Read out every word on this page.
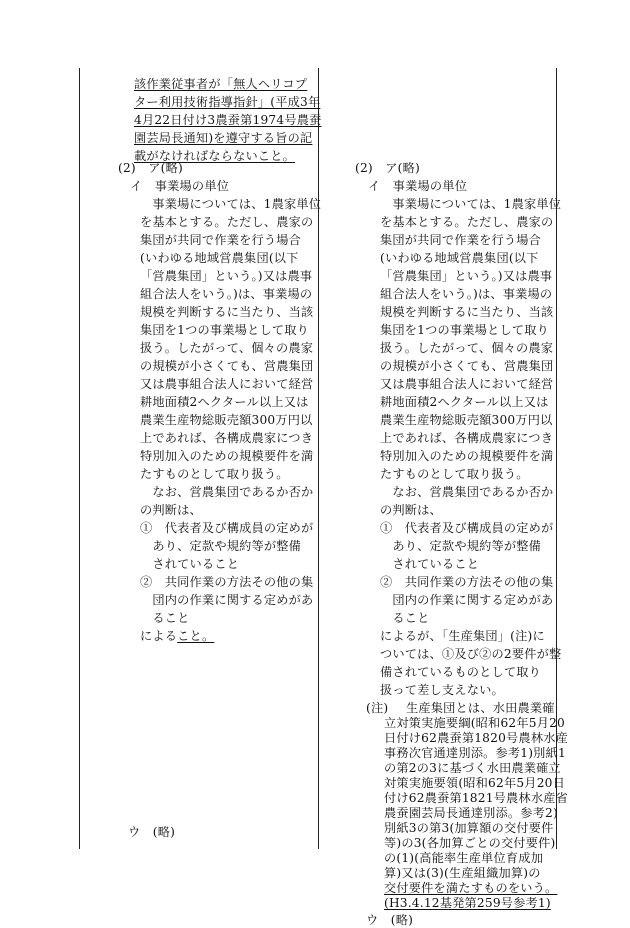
該作業従事者が「無人ヘリコプ
ター利用技術指導指針」(平成3年
4月22日付け3農蚕第1974号農蚕
園芸局長通知)を遵守する旨の記
載がなければならないこと。
(2)　ア(略)
イ　事業場の単位
　事業場については、1農家単位
を基本とする。ただし、農家の
集団が共同で作業を行う場合
(いわゆる地域営農集団(以下
「営農集団」という。)又は農事
組合法人をいう。)は、事業場の
規模を判断するに当たり、当該
集団を1つの事業場として取り
扱う。したがって、個々の農家
の規模が小さくても、営農集団
又は農事組合法人において経営
耕地面積2ヘクタール以上又は
農業生産物総販売額300万円以
上であれば、各構成農家につき
特別加入のための規模要件を満
たすものとして取り扱う。
　なお、営農集団であるか否か
の判断は、
①　代表者及び構成員の定めが
　あり、定款や規約等が整備
　されていること
②　共同作業の方法その他の集
　団内の作業に関する定めがあ
　ること
によること。
ウ　(略)
(2)　ア(略)
イ　事業場の単位
　事業場については、1農家単位
を基本とする。ただし、農家の
集団が共同で作業を行う場合
(いわゆる地域営農集団(以下
「営農集団」という。)又は農事
組合法人をいう。)は、事業場の
規模を判断するに当たり、当該
集団を1つの事業場として取り
扱う。したがって、個々の農家
の規模が小さくても、営農集団
又は農事組合法人において経営
耕地面積2ヘクタール以上又は
農業生産物総販売額300万円以
上であれば、各構成農家につき
特別加入のための規模要件を満
たすものとして取り扱う。
　なお、営農集団であるか否か
の判断は、
①　代表者及び構成員の定めが
　あり、定款や規約等が整備
　されていること
②　共同作業の方法その他の集
　団内の作業に関する定めがあ
　ること
によるが、「生産集団」(注)に
ついては、①及び②の2要件が整
備されているものとして取り
扱って差し支えない。
(注) 生産集団とは、水田農業確
立対策実施要綱(昭和62年5月20
日付け62農蚕第1820号農林水産
事務次官通達別添。参考1)別紙1
の第2の3に基づく水田農業確立
対策実施要領(昭和62年5月20日
付け62農蚕第1821号農林水産省
農蚕園芸局長通達別添。参考2)
別紙3の第3(加算額の交付要件
等)の3(各加算ごとの交付要件)
の(1)(高能率生産単位育成加
算)又は(3)(生産組織加算)の
交付要件を満たすものをいう。
(H3.4.12基発第259号参考1)
ウ　(略)
